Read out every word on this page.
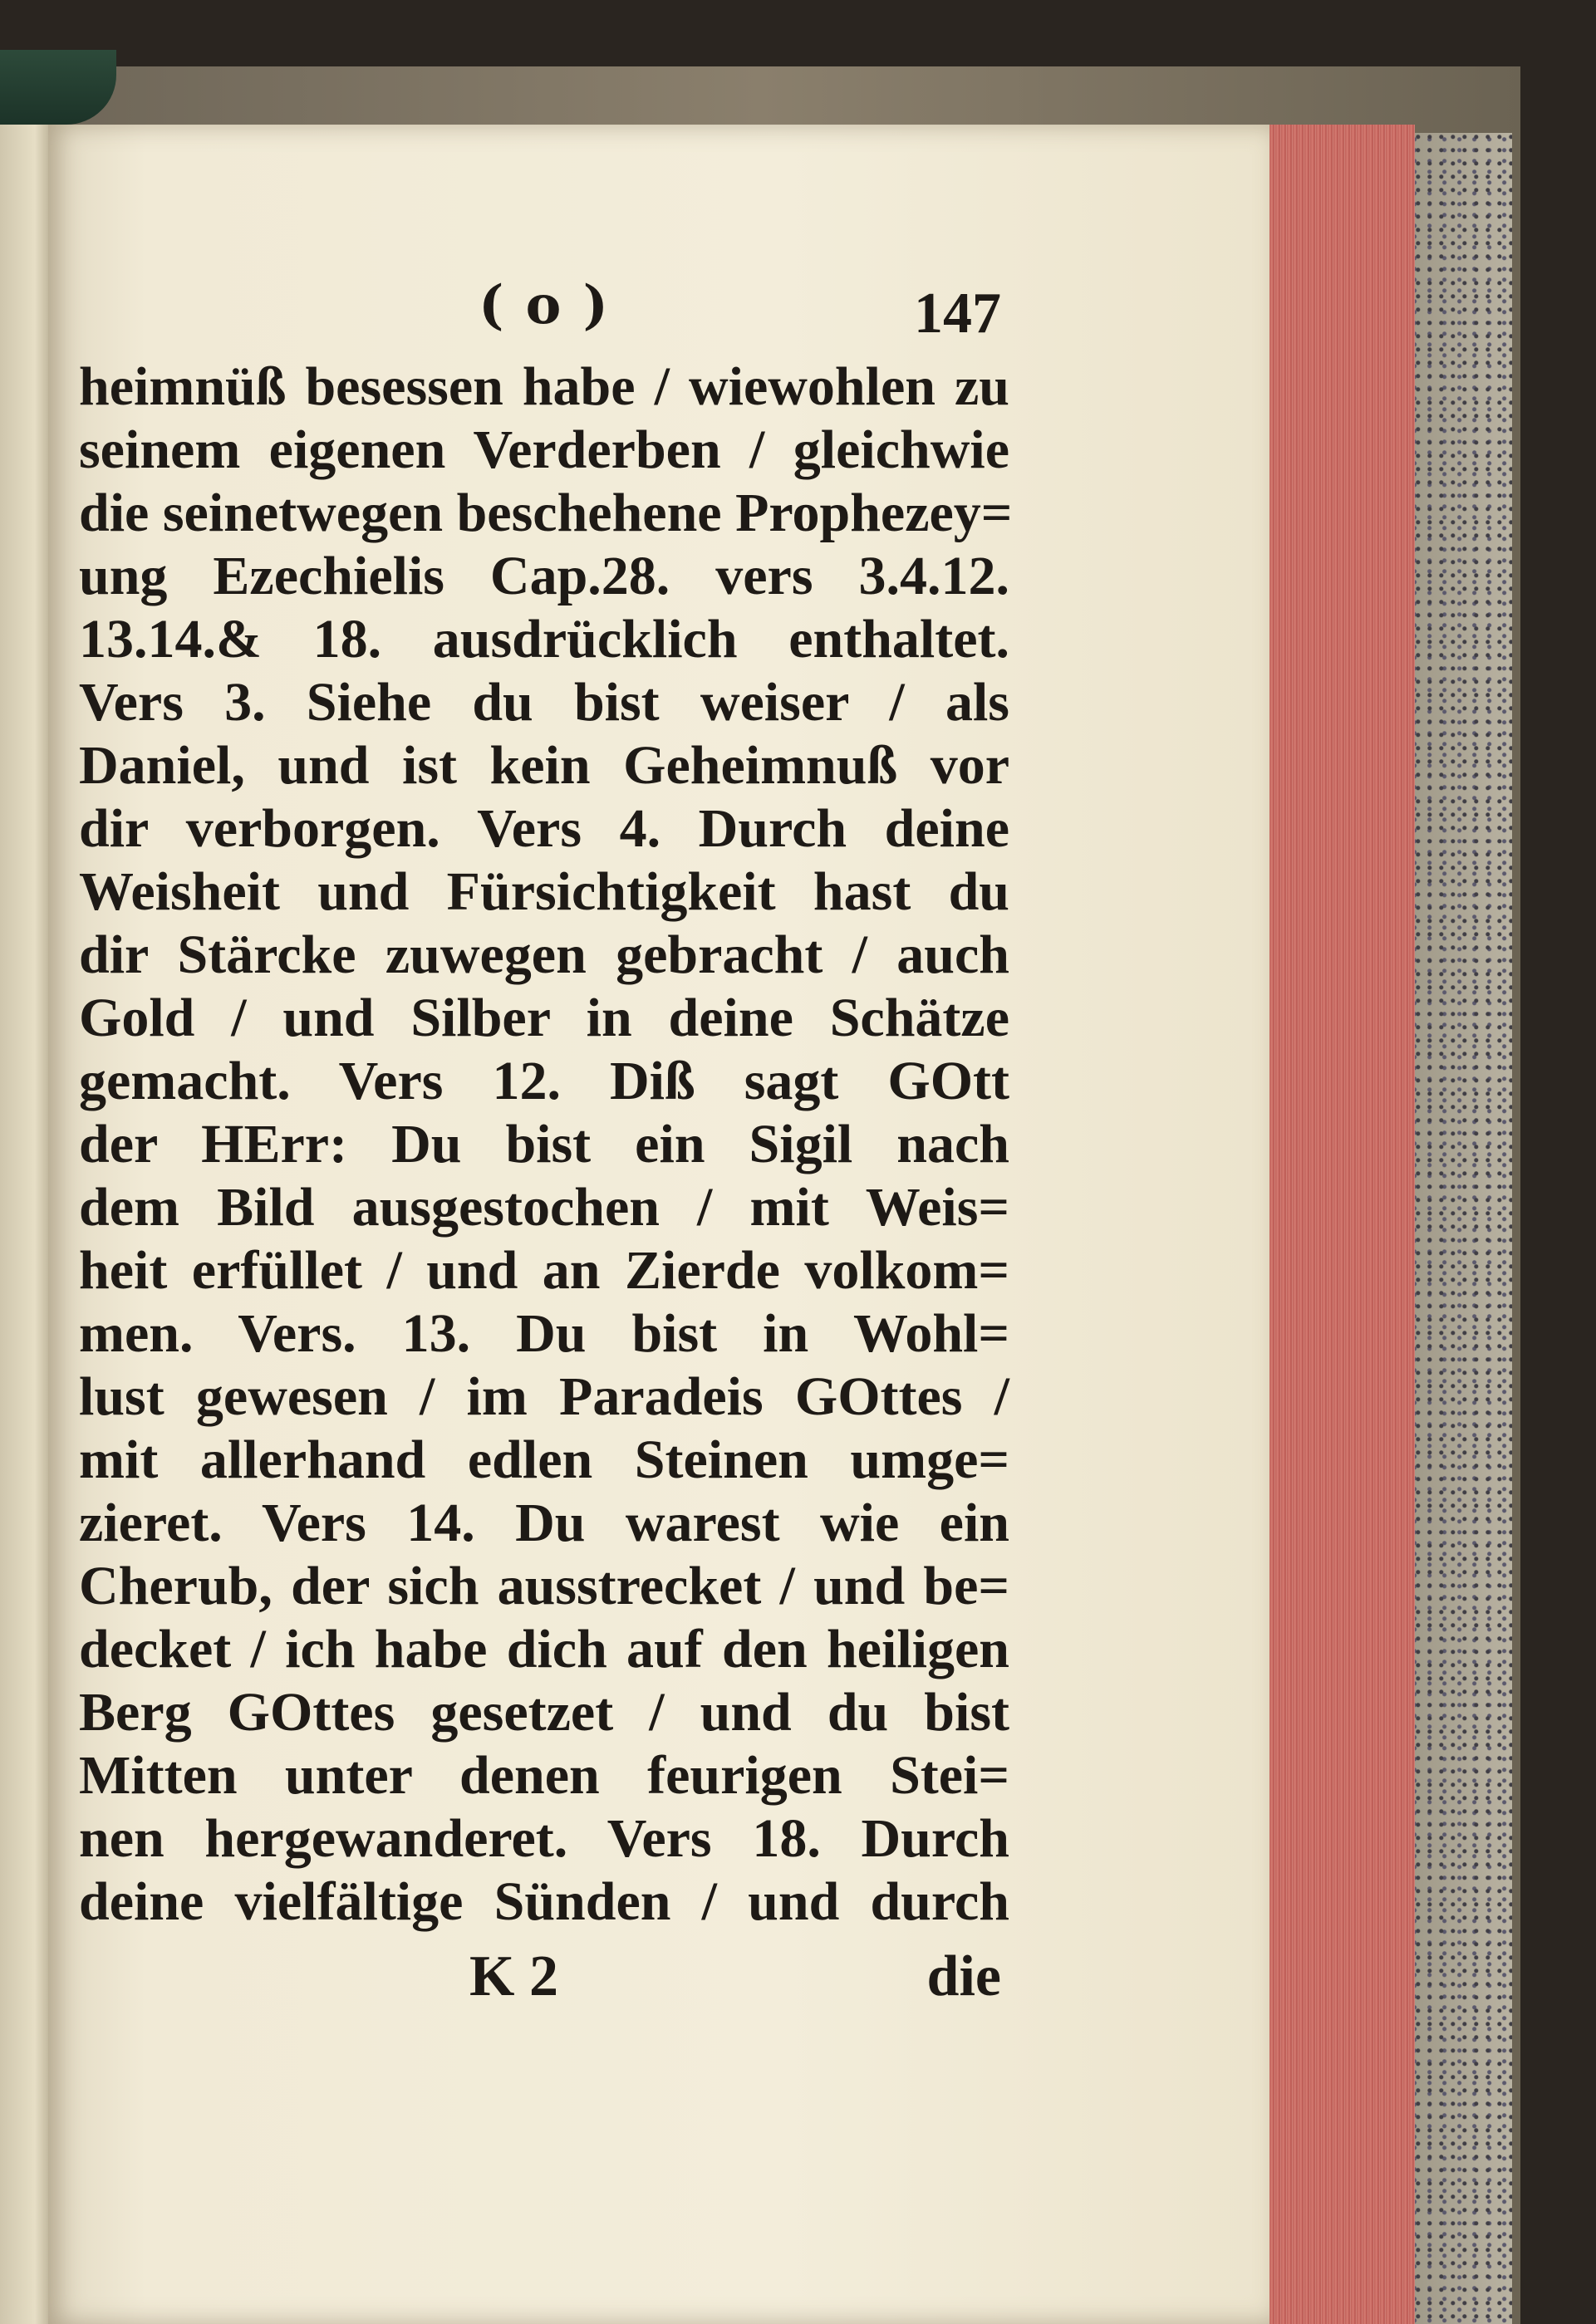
( o )	147
heimnüß besessen habe / wiewohlen zu
seinem eigenen Verderben / gleichwie
die seinetwegen beschehene Prophezey=
ung Ezechielis Cap.28. vers 3.4.12.
13.14.& 18. ausdrücklich enthaltet.
Vers 3. Siehe du bist weiser / als
Daniel, und ist kein Geheimnuß vor
dir verborgen. Vers 4. Durch deine
Weisheit und Fürsichtigkeit hast du
dir Stärcke zuwegen gebracht / auch
Gold / und Silber in deine Schätze
gemacht. Vers 12. Diß sagt GOtt
der HErr: Du bist ein Sigil nach
dem Bild ausgestochen / mit Weis=
heit erfüllet / und an Zierde volkom=
men. Vers. 13. Du bist in Wohl=
lust gewesen / im Paradeis GOttes /
mit allerhand edlen Steinen umge=
zieret. Vers 14. Du warest wie ein
Cherub, der sich ausstrecket / und be=
decket / ich habe dich auf den heiligen
Berg GOttes gesetzet / und du bist
Mitten unter denen feurigen Stei=
nen hergewanderet. Vers 18. Durch
deine vielfältige Sünden / und durch
K 2	die
